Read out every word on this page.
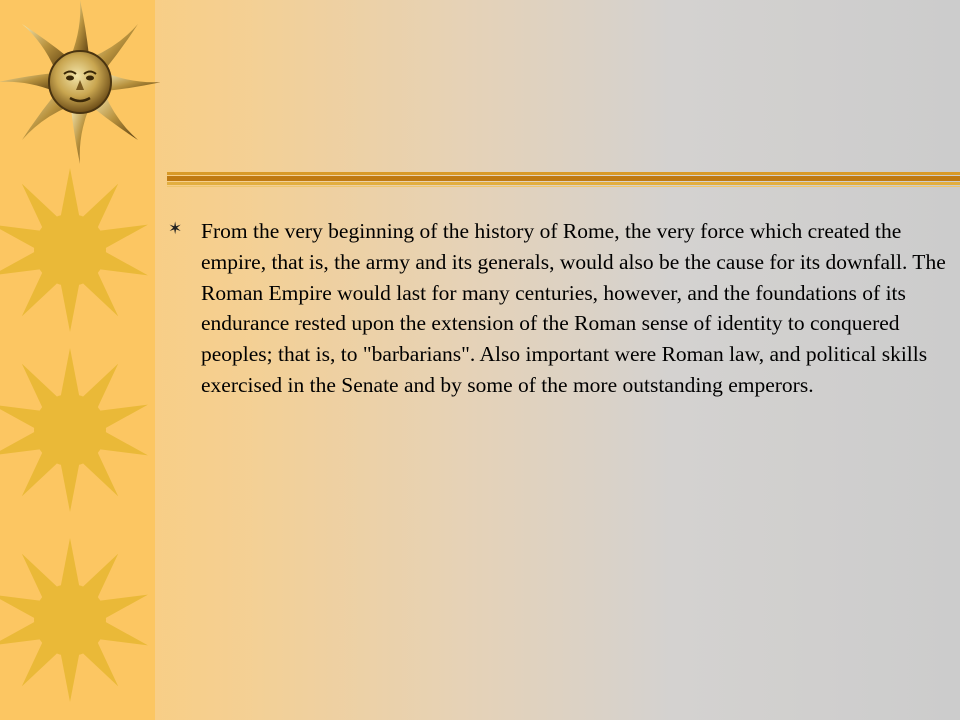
✶ From the very beginning of the history of Rome, the very force which created the empire, that is, the army and its generals, would also be the cause for its downfall. The Roman Empire would last for many centuries, however, and the foundations of its endurance rested upon the extension of the Roman sense of identity to conquered peoples; that is, to "barbarians". Also important were Roman law, and political skills exercised in the Senate and by some of the more outstanding emperors.
